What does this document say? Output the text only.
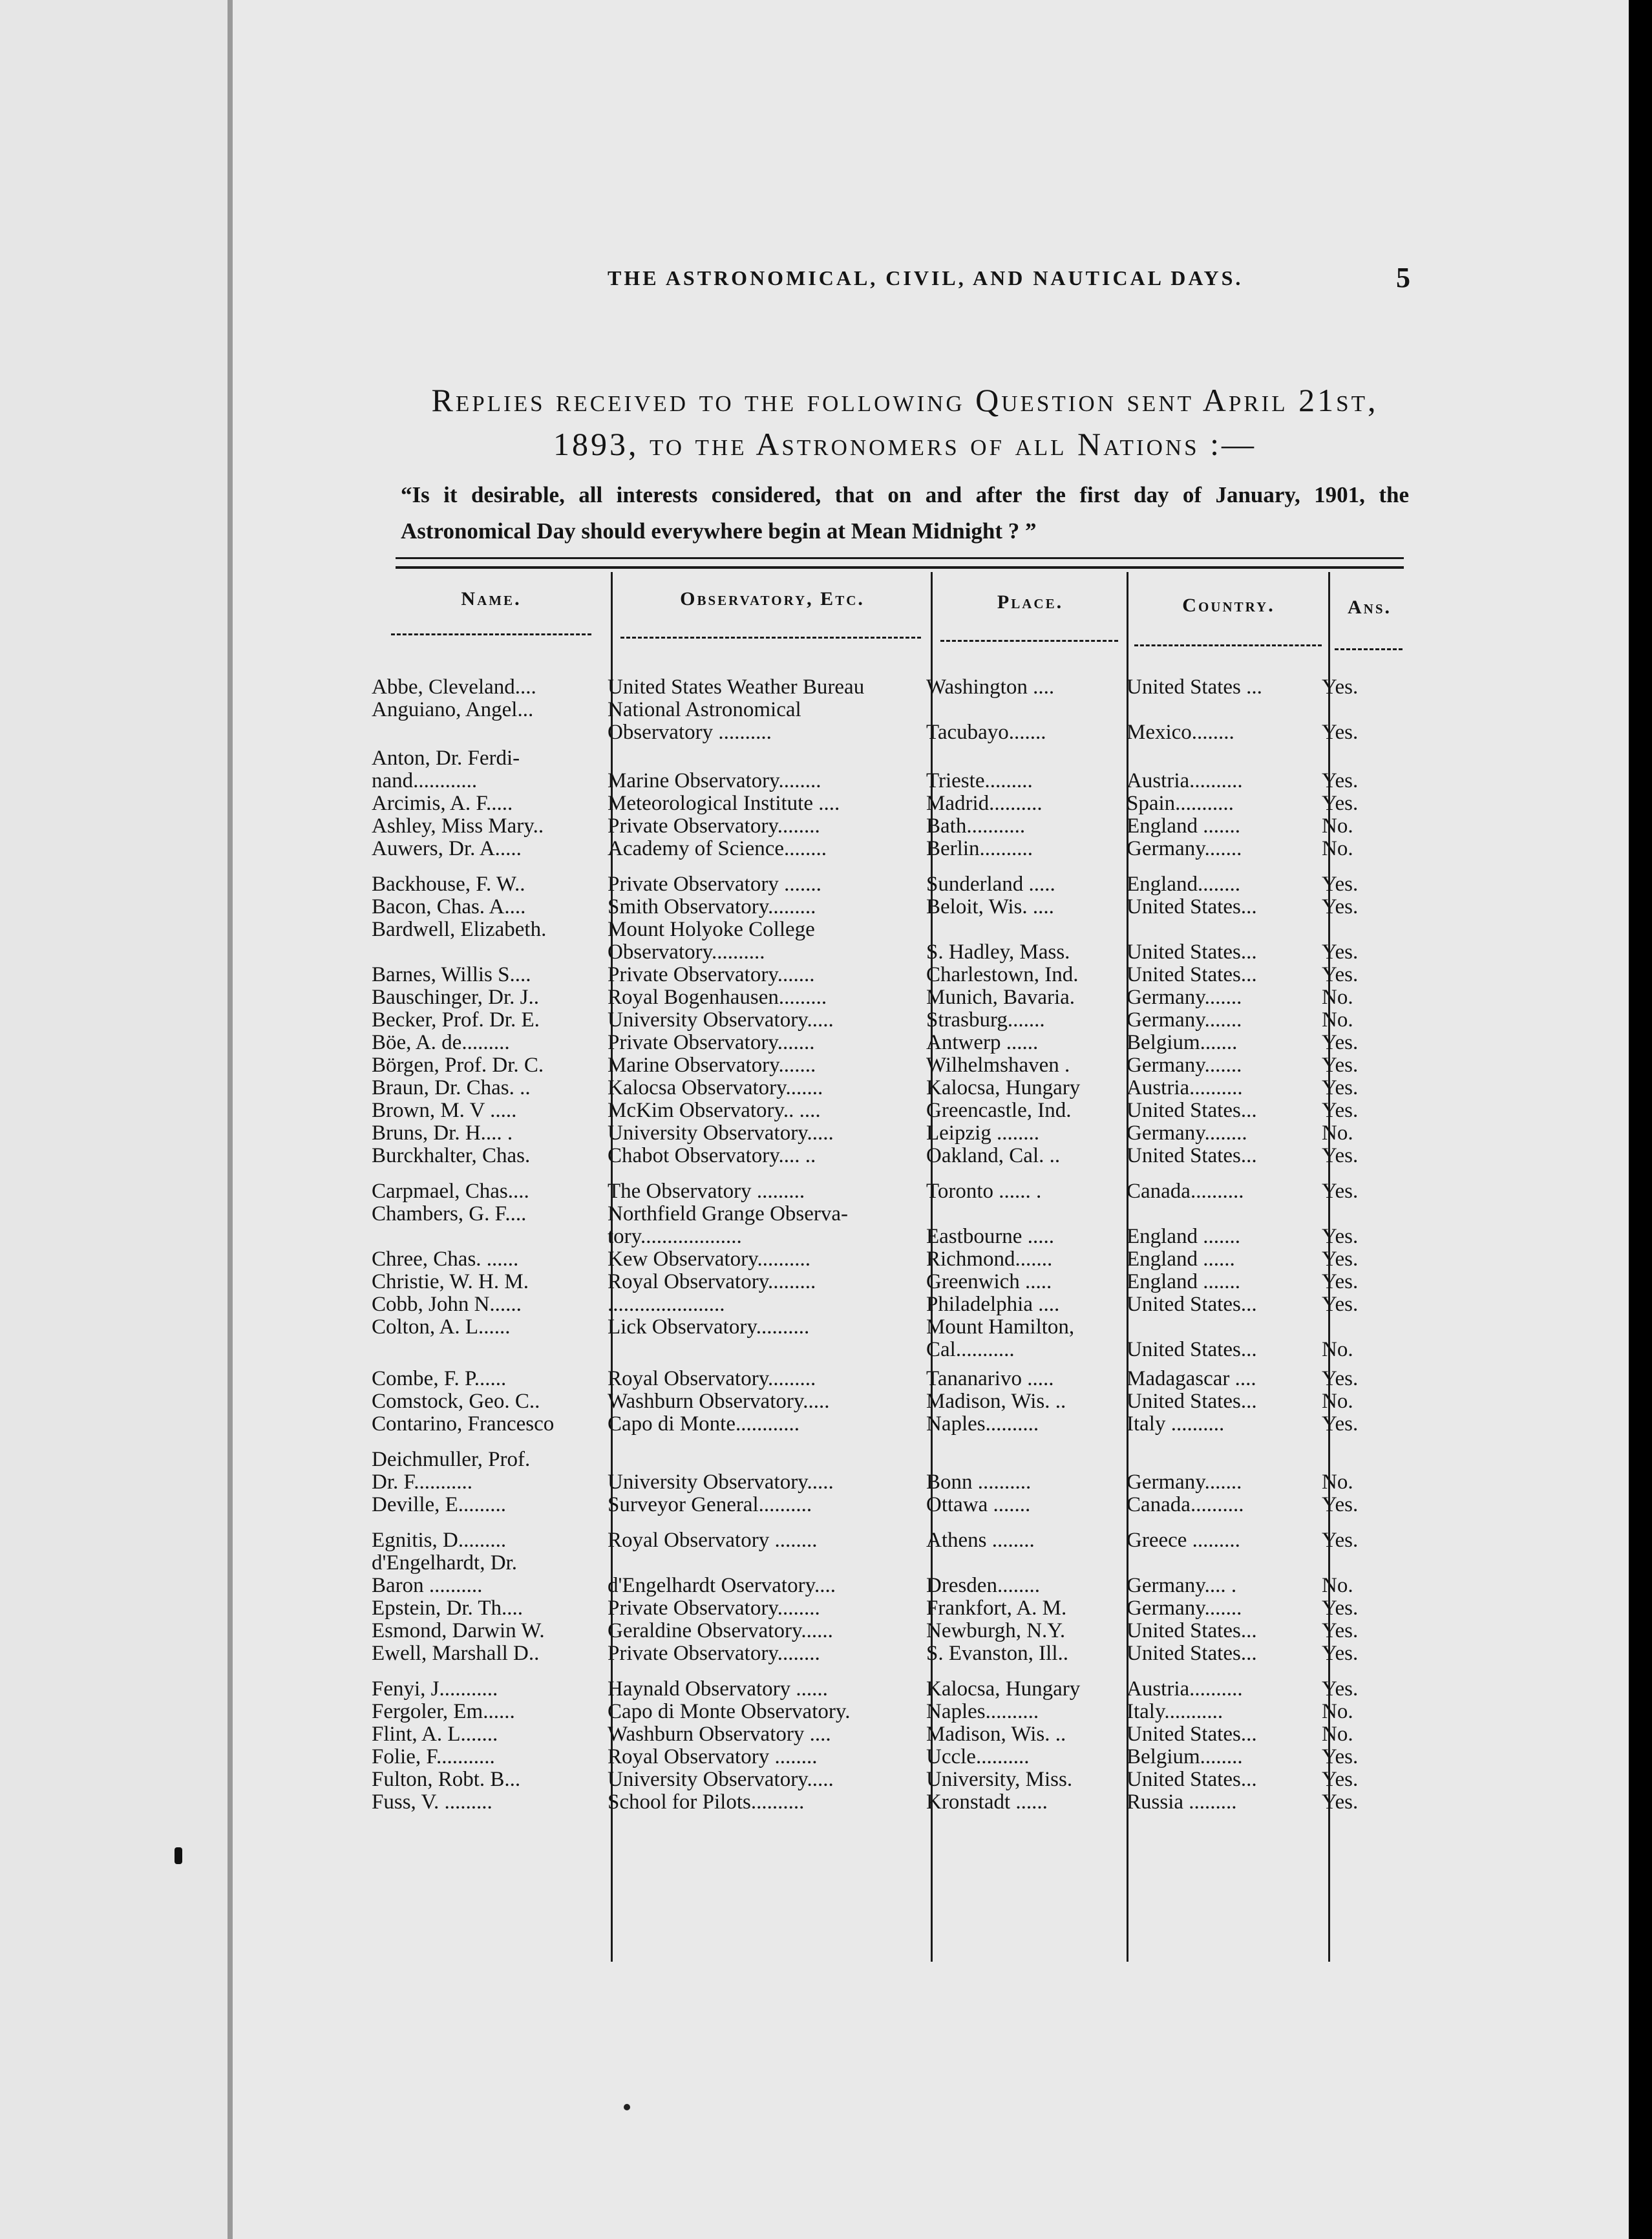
THE ASTRONOMICAL, CIVIL, AND NAUTICAL DAYS.	5
Replies received to the following Question sent April 21st,
1893, to the Astronomers of all Nations :—
“Is it desirable, all interests considered, that on and after the first day of January, 1901, the Astronomical Day should everywhere begin at Mean Midnight ? ”
Name.	Observatory, Etc.	Place.	Country.	Ans.
Abbe, Cleveland....	United States Weather Bureau	Washington ....	United States ...	Yes.
Anguiano, Angel...	National Astronomical
Observatory ..........	Tacubayo.......	Mexico........	Yes.
Anton, Dr. Ferdi-
nand............	Marine Observatory........	Trieste.........	Austria..........	Yes.
Arcimis, A. F.....	Meteorological Institute ....	Madrid..........	Spain...........	Yes.
Ashley, Miss Mary..	Private Observatory........	Bath...........	England .......	No.
Auwers, Dr. A.....	Academy of Science........	Berlin..........	Germany.......	No.
Backhouse, F. W..	Private Observatory .......	Sunderland .....	England........	Yes.
Bacon, Chas. A....	Smith Observatory.........	Beloit, Wis. ....	United States...	Yes.
Bardwell, Elizabeth.	Mount Holyoke College
Observatory..........	S. Hadley, Mass.	United States...	Yes.
Barnes, Willis S....	Private Observatory.......	Charlestown, Ind.	United States...	Yes.
Bauschinger, Dr. J..	Royal Bogenhausen.........	Munich, Bavaria.	Germany.......	No.
Becker, Prof. Dr. E.	University Observatory.....	Strasburg.......	Germany.......	No.
Böe, A. de.........	Private Observatory.......	Antwerp ......	Belgium.......	Yes.
Börgen, Prof. Dr. C.	Marine Observatory.......	Wilhelmshaven .	Germany.......	Yes.
Braun, Dr. Chas. ..	Kalocsa Observatory.......	Kalocsa, Hungary	Austria..........	Yes.
Brown, M. V .....	McKim Observatory.. ....	Greencastle, Ind.	United States...	Yes.
Bruns, Dr. H.... .	University Observatory.....	Leipzig ........	Germany........	No.
Burckhalter, Chas.	Chabot Observatory.... ..	Oakland, Cal. ..	United States...	Yes.
Carpmael, Chas....	The Observatory .........	Toronto ...... .	Canada..........	Yes.
Chambers, G. F....	Northfield Grange Observa-
tory...................	Eastbourne .....	England .......	Yes.
Chree, Chas. ......	Kew Observatory..........	Richmond.......	England ......	Yes.
Christie, W. H. M.	Royal Observatory.........	Greenwich .....	England .......	Yes.
Cobb, John N......	......................	Philadelphia ....	United States...	Yes.
Colton, A. L......	Lick Observatory..........	Mount Hamilton,
Cal...........	United States...	No.
Combe, F. P......	Royal Observatory.........	Tananarivo .....	Madagascar ....	Yes.
Comstock, Geo. C..	Washburn Observatory.....	Madison, Wis. ..	United States...	No.
Contarino, Francesco	Capo di Monte............	Naples..........	Italy ..........	Yes.
Deichmuller, Prof.
Dr. F...........	University Observatory.....	Bonn ..........	Germany.......	No.
Deville, E.........	Surveyor General..........	Ottawa .......	Canada..........	Yes.
Egnitis, D.........	Royal Observatory ........	Athens ........	Greece .........	Yes.
d'Engelhardt, Dr.
Baron ..........	d'Engelhardt Oservatory....	Dresden........	Germany.... .	No.
Epstein, Dr. Th....	Private Observatory........	Frankfort, A. M.	Germany.......	Yes.
Esmond, Darwin W.	Geraldine Observatory......	Newburgh, N.Y.	United States...	Yes.
Ewell, Marshall D..	Private Observatory........	S. Evanston, Ill..	United States...	Yes.
Fenyi, J...........	Haynald Observatory ......	Kalocsa, Hungary	Austria..........	Yes.
Fergoler, Em......	Capo di Monte Observatory.	Naples..........	Italy...........	No.
Flint, A. L.......	Washburn Observatory ....	Madison, Wis. ..	United States...	No.
Folie, F...........	Royal Observatory ........	Uccle..........	Belgium........	Yes.
Fulton, Robt. B...	University Observatory.....	University, Miss.	United States...	Yes.
Fuss, V. .........	School for Pilots..........	Kronstadt ......	Russia .........	Yes.
